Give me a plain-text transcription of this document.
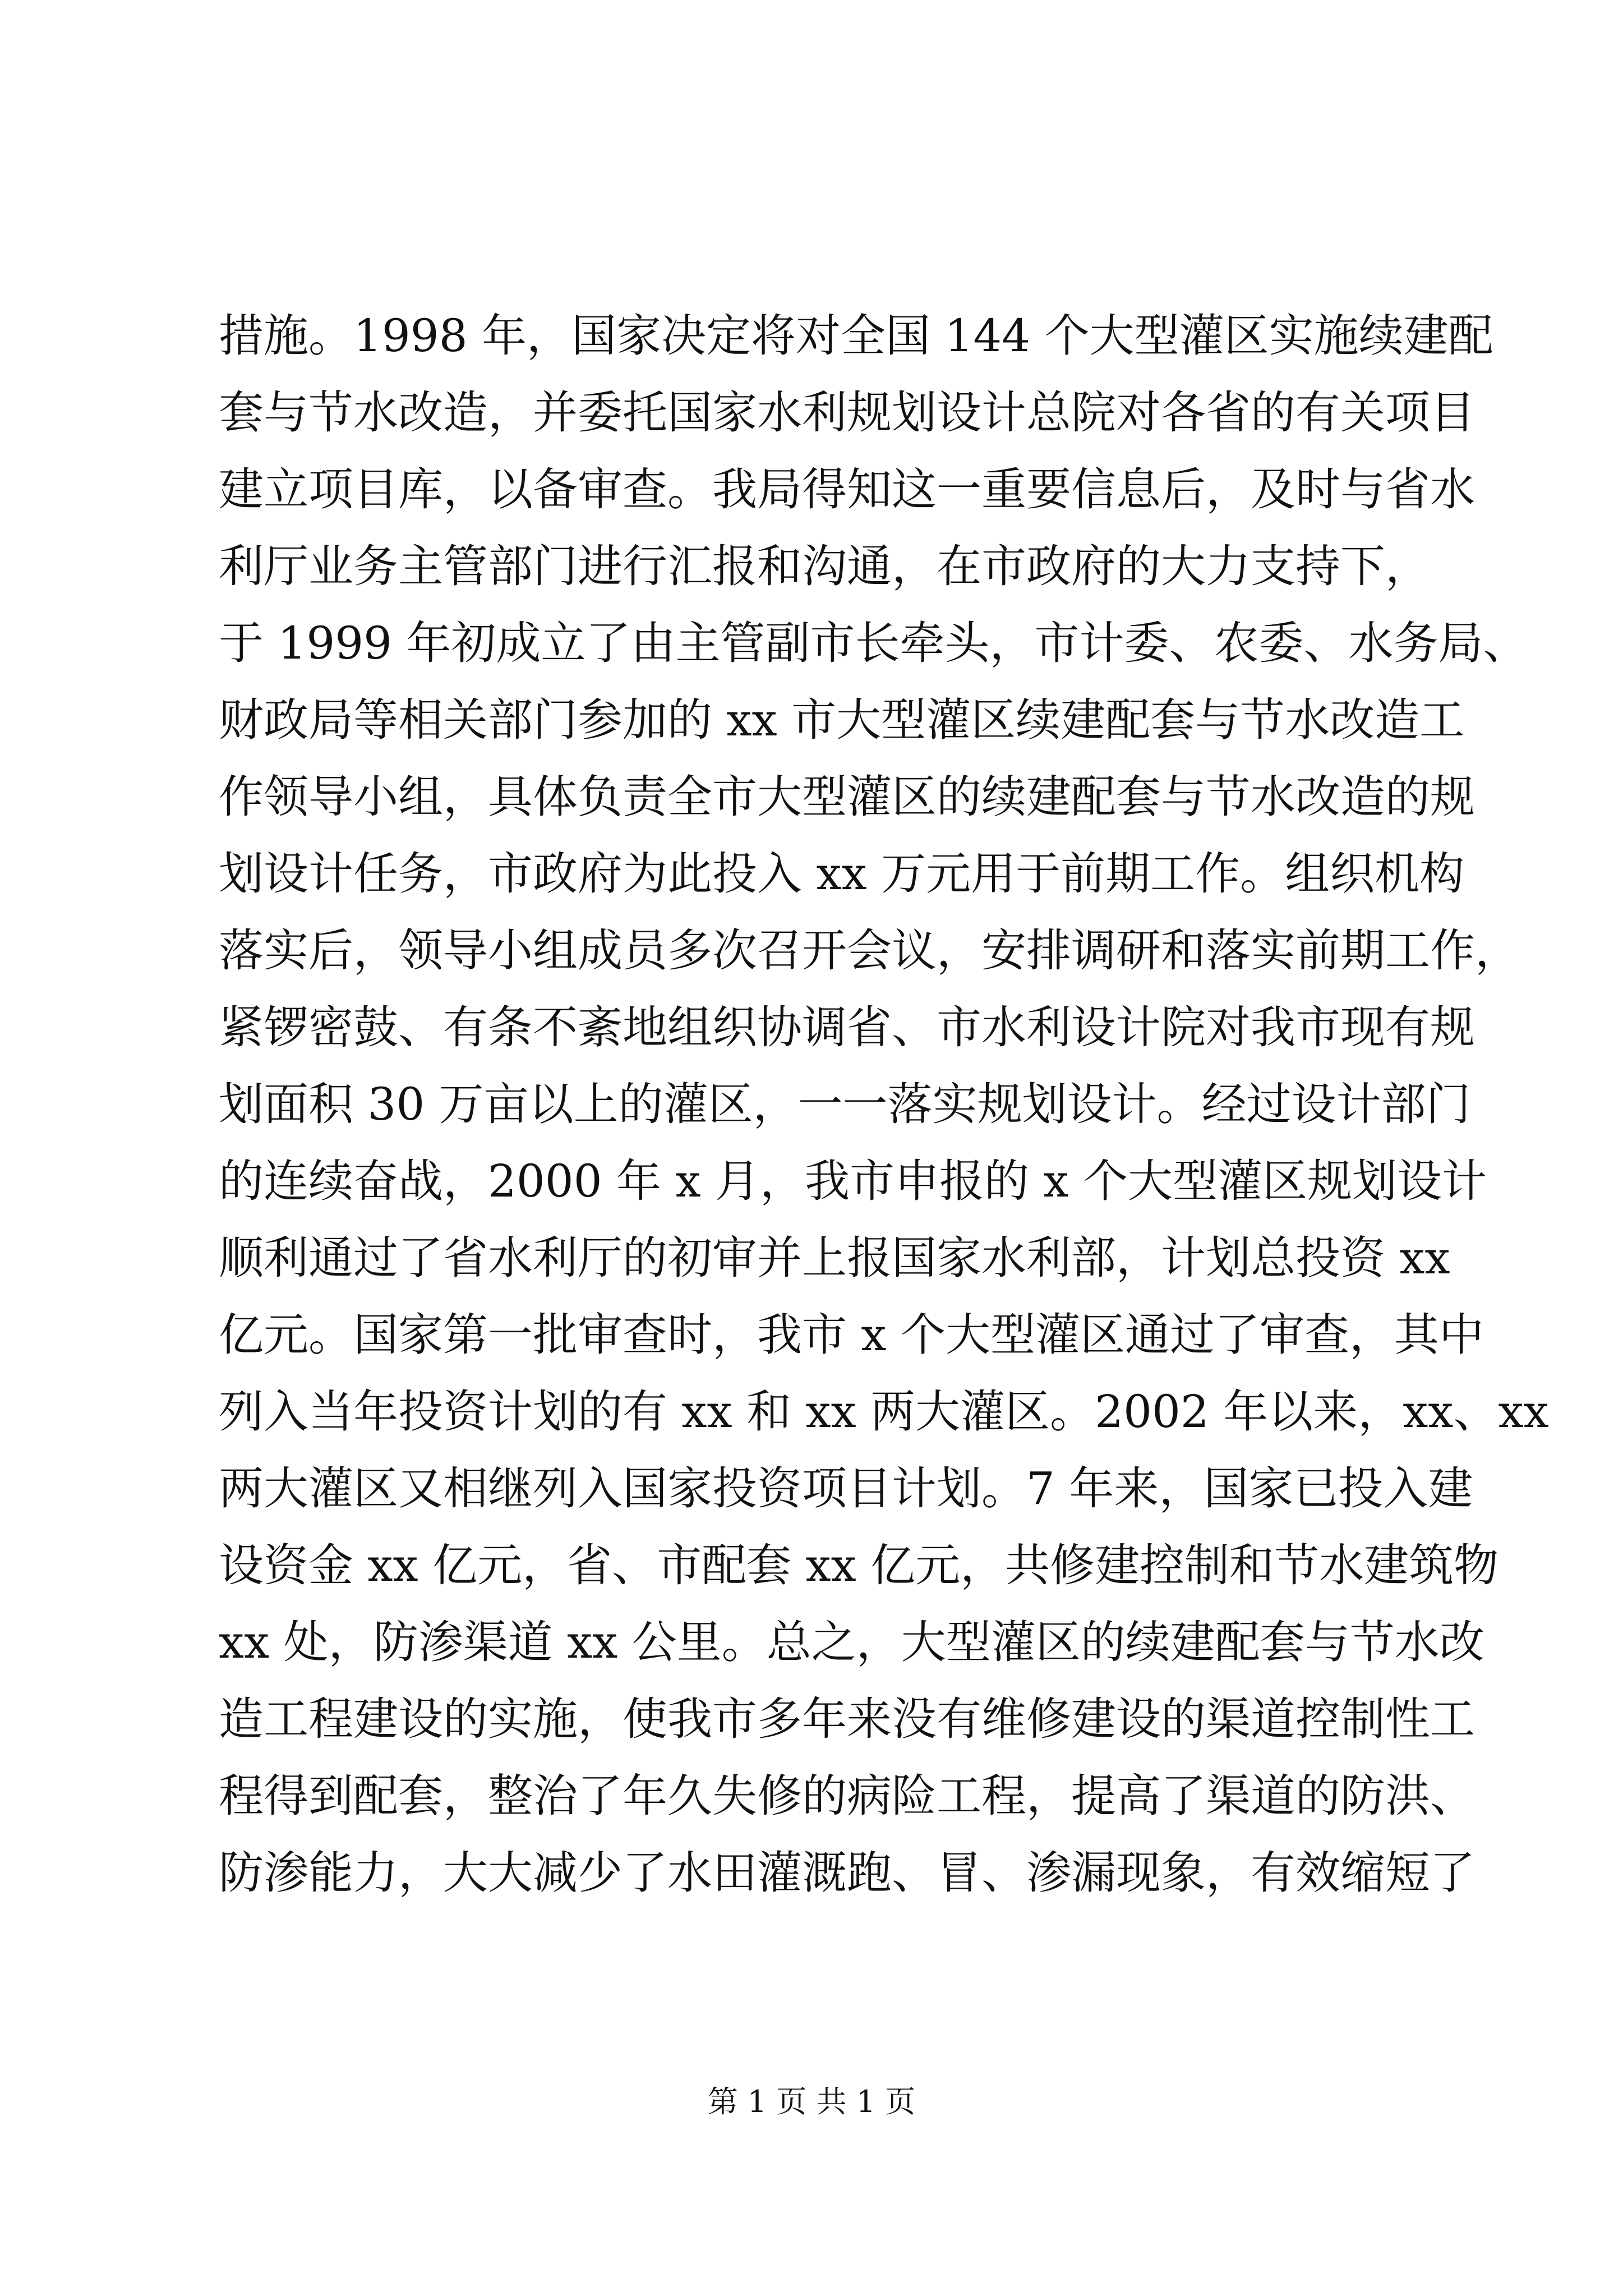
措施。1998 年，国家决定将对全国 144 个大型灌区实施续建配
套与节水改造，并委托国家水利规划设计总院对各省的有关项目
建立项目库，以备审查。我局得知这一重要信息后，及时与省水
利厅业务主管部门进行汇报和沟通，在市政府的大力支持下，
于 1999 年初成立了由主管副市长牵头，市计委、农委、水务局、
财政局等相关部门参加的 xx 市大型灌区续建配套与节水改造工
作领导小组，具体负责全市大型灌区的续建配套与节水改造的规
划设计任务，市政府为此投入 xx 万元用于前期工作。组织机构
落实后，领导小组成员多次召开会议，安排调研和落实前期工作，
紧锣密鼓、有条不紊地组织协调省、市水利设计院对我市现有规
划面积 30 万亩以上的灌区，一一落实规划设计。经过设计部门
的连续奋战，2000 年 x 月，我市申报的 x 个大型灌区规划设计
顺利通过了省水利厅的初审并上报国家水利部，计划总投资 xx
亿元。国家第一批审查时，我市 x 个大型灌区通过了审查，其中
列入当年投资计划的有 xx 和 xx 两大灌区。2002 年以来，xx、xx
两大灌区又相继列入国家投资项目计划。7 年来，国家已投入建
设资金 xx 亿元，省、市配套 xx 亿元，共修建控制和节水建筑物
xx 处，防渗渠道 xx 公里。总之，大型灌区的续建配套与节水改
造工程建设的实施，使我市多年来没有维修建设的渠道控制性工
程得到配套，整治了年久失修的病险工程，提高了渠道的防洪、
防渗能力，大大减少了水田灌溉跑、冒、渗漏现象，有效缩短了
第 1 页 共 1 页
